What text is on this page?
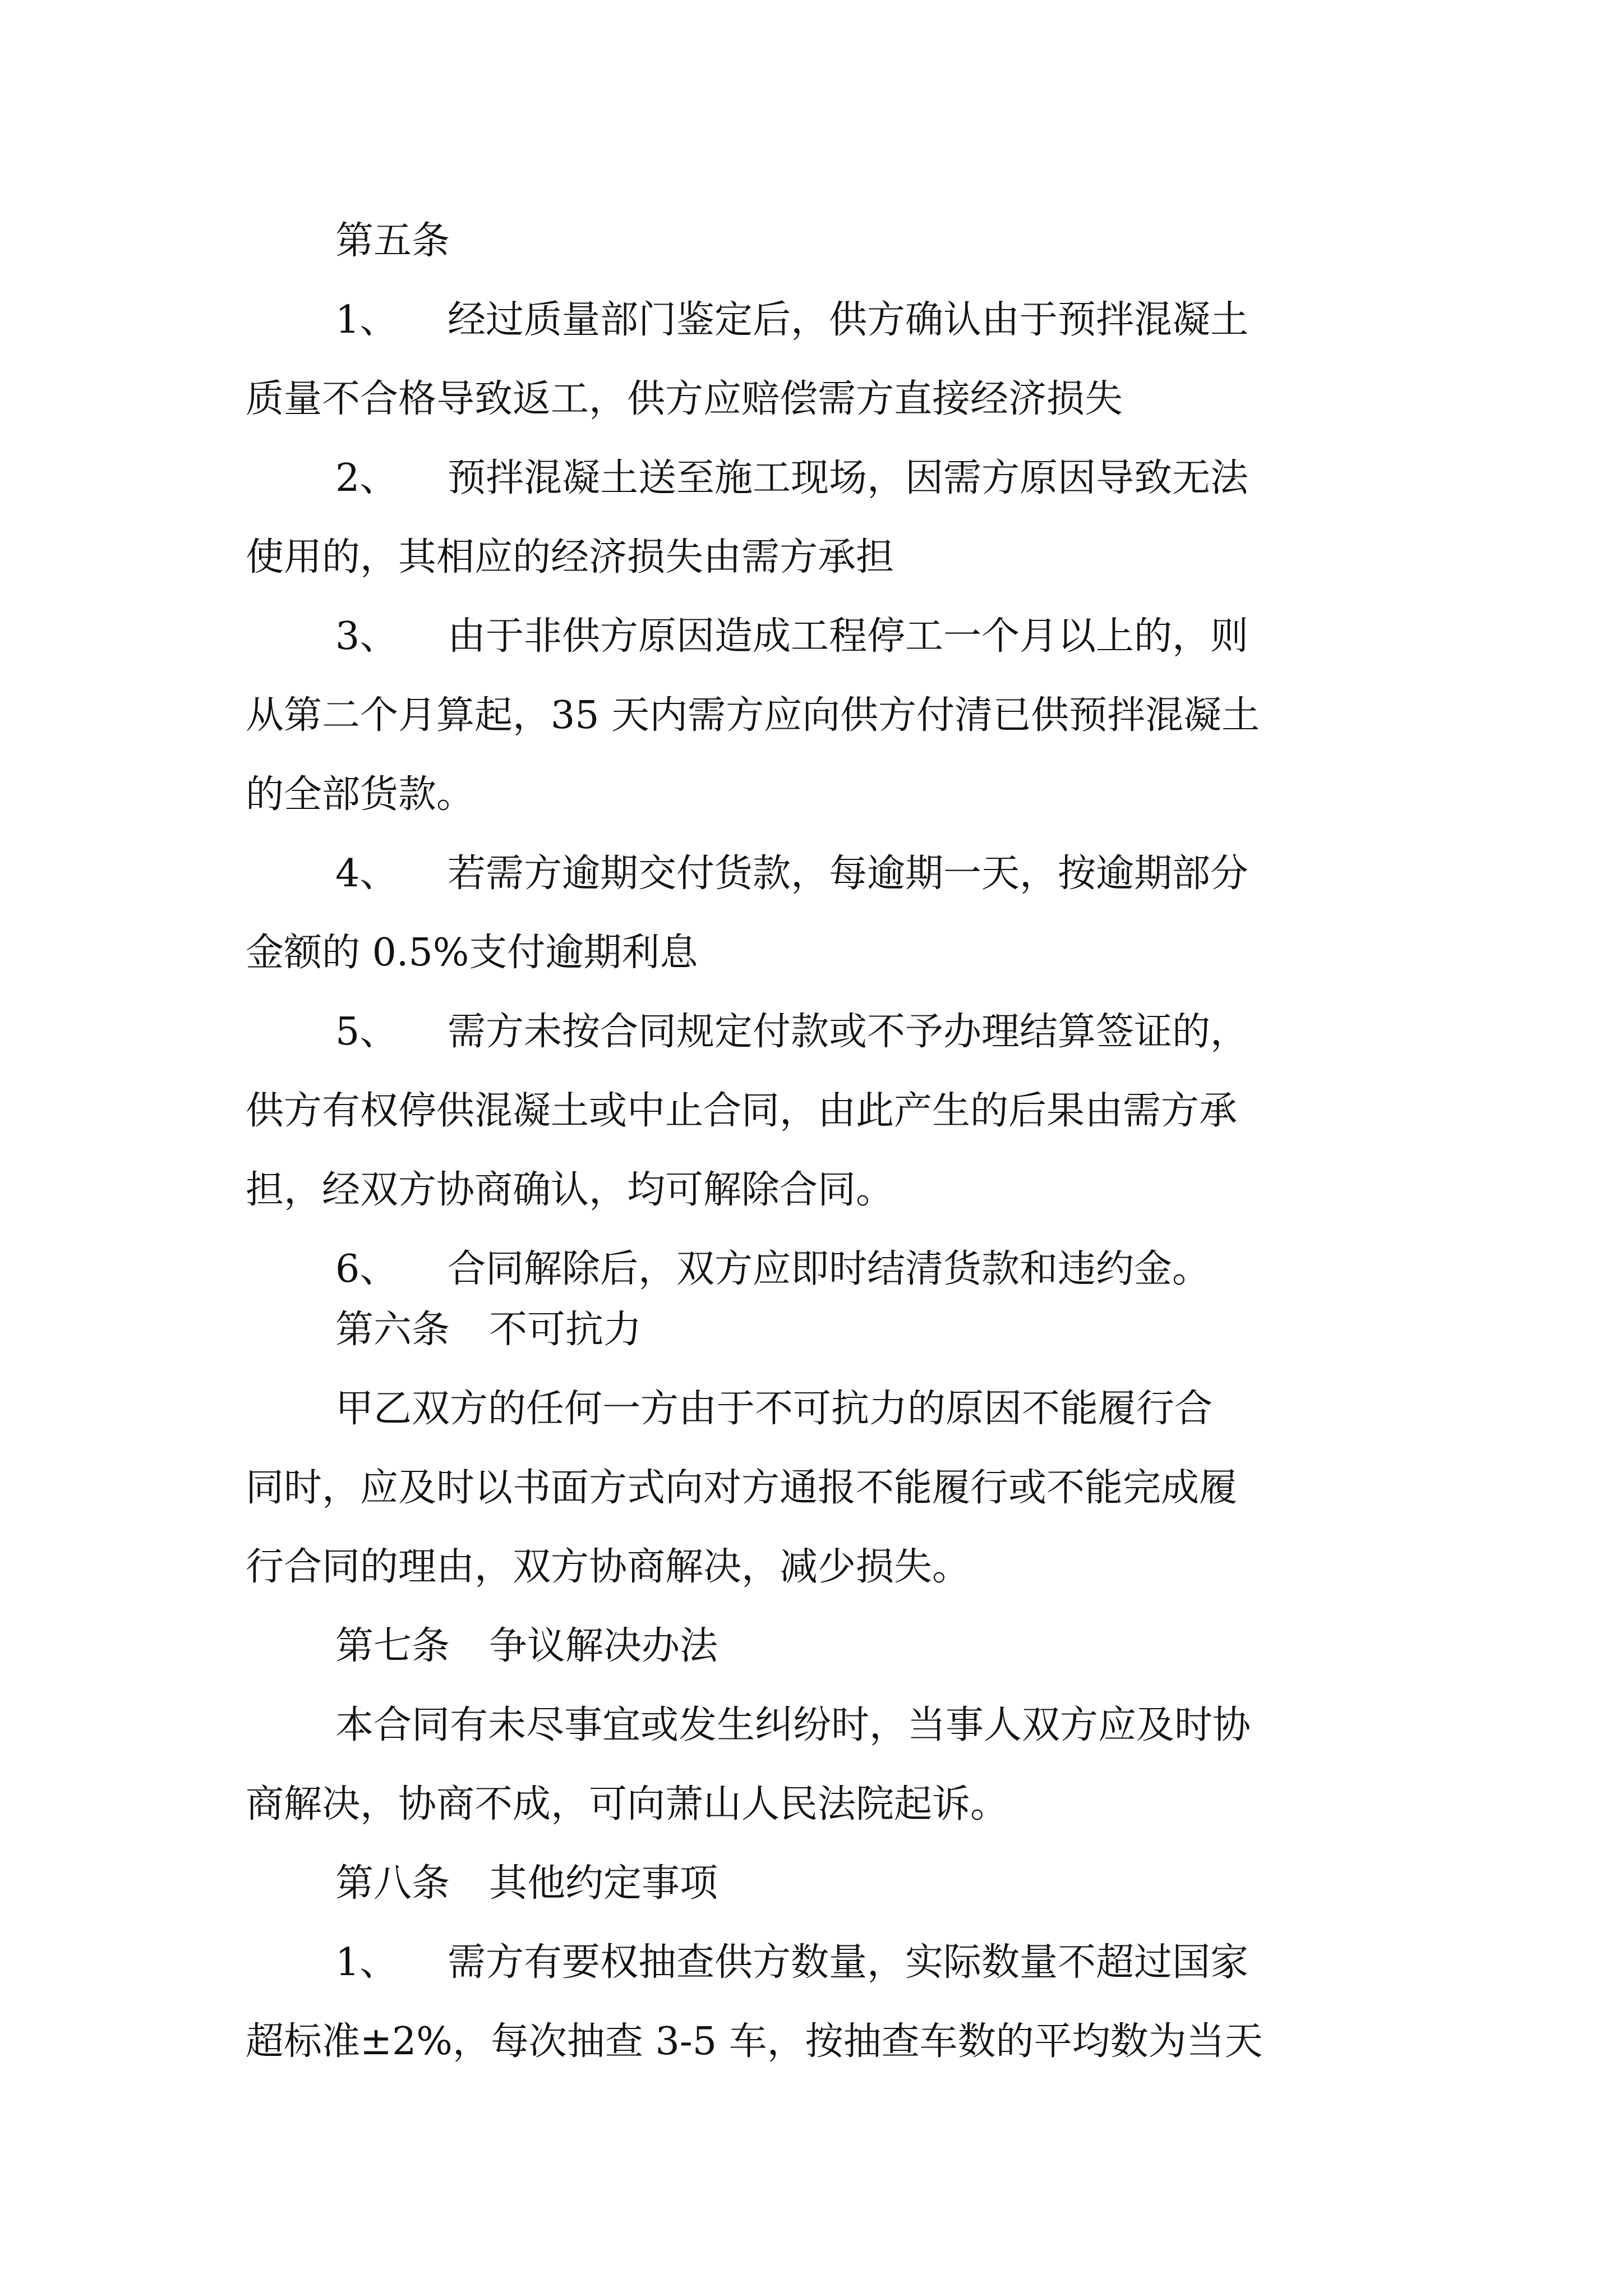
第五条
1、 经过质量部门鉴定后，供方确认由于预拌混凝土
质量不合格导致返工，供方应赔偿需方直接经济损失
2、 预拌混凝土送至施工现场，因需方原因导致无法
使用的，其相应的经济损失由需方承担
3、 由于非供方原因造成工程停工一个月以上的，则
从第二个月算起，35 天内需方应向供方付清已供预拌混凝土
的全部货款。
4、 若需方逾期交付货款，每逾期一天，按逾期部分
金额的 0.5%支付逾期利息
5、 需方未按合同规定付款或不予办理结算签证的，
供方有权停供混凝土或中止合同，由此产生的后果由需方承
担，经双方协商确认，均可解除合同。
6、 合同解除后，双方应即时结清货款和违约金。
第六条 不可抗力
甲乙双方的任何一方由于不可抗力的原因不能履行合
同时，应及时以书面方式向对方通报不能履行或不能完成履
行合同的理由，双方协商解决，减少损失。
第七条 争议解决办法
本合同有未尽事宜或发生纠纷时，当事人双方应及时协
商解决，协商不成，可向萧山人民法院起诉。
第八条 其他约定事项
1、 需方有要权抽查供方数量，实际数量不超过国家
超标准±2%，每次抽查 3-5 车，按抽查车数的平均数为当天
